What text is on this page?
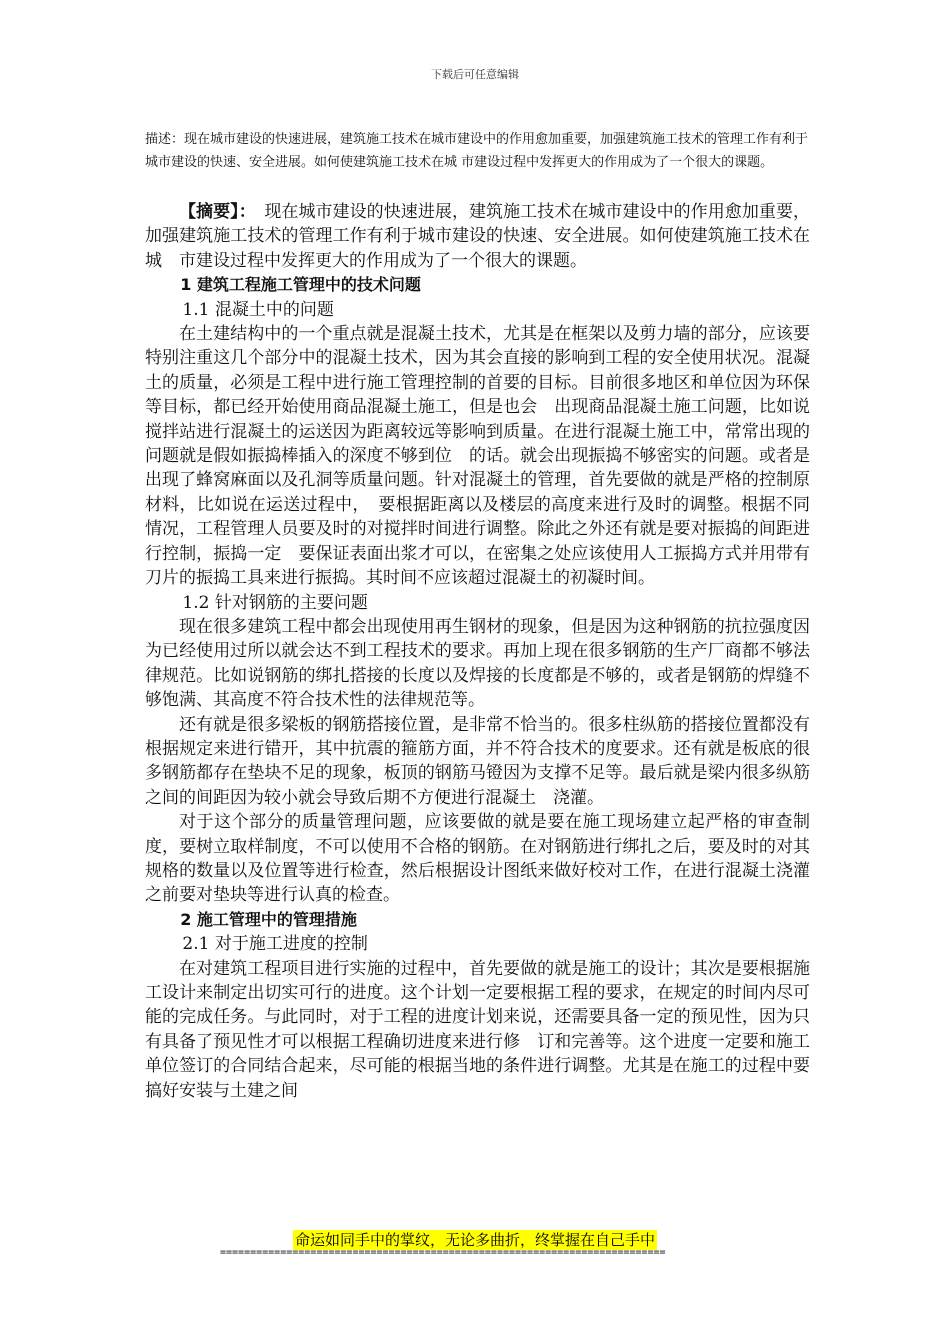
下载后可任意编辑
描述：现在城市建设的快速进展，建筑施工技术在城市建设中的作用愈加重要，加强建筑施工技术的管理工作有利于城市建设的快速、安全进展。如何使建筑施工技术在城 市建设过程中发挥更大的作用成为了一个很大的课题。

【摘要】：　 现在城市建设的快速进展，建筑施工技术在城市建设中的作用愈加重要，加强建筑施工技术的管理工作有利于城市建设的快速、安全进展。如何使建筑施工技术在城　市建设过程中发挥更大的作用成为了一个很大的课题。

1 建筑工程施工管理中的技术问题

1.1 混凝土中的问题

在土建结构中的一个重点就是混凝土技术，尤其是在框架以及剪力墙的部分，应该要特别注重这几个部分中的混凝土技术，因为其会直接的影响到工程的安全使用状况。混凝土的质量，必须是工程中进行施工管理控制的首要的目标。目前很多地区和单位因为环保等目标，都已经开始使用商品混凝土施工，但是也会　出现商品混凝土施工问题，比如说搅拌站进行混凝土的运送因为距离较远等影响到质量。在进行混凝土施工中，常常出现的问题就是假如振捣棒插入的深度不够到位　的话。就会出现振捣不够密实的问题。或者是出现了蜂窝麻面以及孔洞等质量问题。针对混凝土的管理，首先要做的就是严格的控制原材料，比如说在运送过程中，　要根据距离以及楼层的高度来进行及时的调整。根据不同情况，工程管理人员要及时的对搅拌时间进行调整。除此之外还有就是要对振捣的间距进行控制，振捣一定　要保证表面出浆才可以，在密集之处应该使用人工振捣方式并用带有刀片的振捣工具来进行振捣。其时间不应该超过混凝土的初凝时间。

1.2 针对钢筋的主要问题

现在很多建筑工程中都会出现使用再生钢材的现象，但是因为这种钢筋的抗拉强度因为已经使用过所以就会达不到工程技术的要求。再加上现在很多钢筋的生产厂商都不够法律规范。比如说钢筋的绑扎搭接的长度以及焊接的长度都是不够的，或者是钢筋的焊缝不够饱满、其高度不符合技术性的法律规范等。

还有就是很多梁板的钢筋搭接位置，是非常不恰当的。很多柱纵筋的搭接位置都没有根据规定来进行错开，其中抗震的箍筋方面，并不符合技术的度要求。还有就是板底的很多钢筋都存在垫块不足的现象，板顶的钢筋马镫因为支撑不足等。最后就是梁内很多纵筋之间的间距因为较小就会导致后期不方便进行混凝土　浇灌。

对于这个部分的质量管理问题，应该要做的就是要在施工现场建立起严格的审查制度，要树立取样制度，不可以使用不合格的钢筋。在对钢筋进行绑扎之后，要及时的对其规格的数量以及位置等进行检查，然后根据设计图纸来做好校对工作，在进行混凝土浇灌之前要对垫块等进行认真的检查。

2 施工管理中的管理措施

2.1 对于施工进度的控制

在对建筑工程项目进行实施的过程中，首先要做的就是施工的设计；其次是要根据施工设计来制定出切实可行的进度。这个计划一定要根据工程的要求，在规定的时间内尽可能的完成任务。与此同时，对于工程的进度计划来说，还需要具备一定的预见性，因为只有具备了预见性才可以根据工程确切进度来进行修　订和完善等。这个进度一定要和施工单位签订的合同结合起来，尽可能的根据当地的条件进行调整。尤其是在施工的过程中要搞好安装与土建之间

命运如同手中的掌纹，无论多曲折，终掌握在自己手中
==========================================================================
